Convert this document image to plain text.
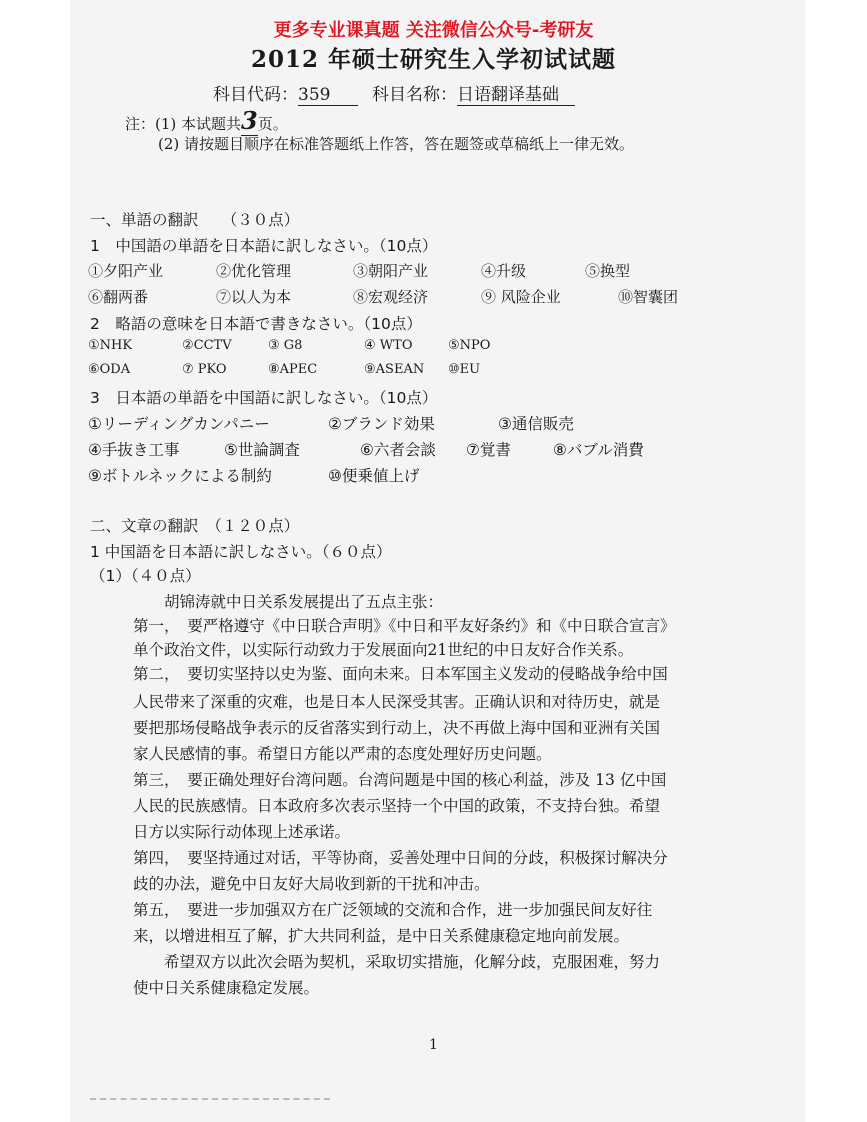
更多专业课真题 关注微信公众号-考研友
2012 年硕士研究生入学初试试题
科目代码：359 科目名称：日语翻译基础
注：(1) 本试题共3页。
(2) 请按题目顺序在标准答题纸上作答，答在题签或草稿纸上一律无效。
一、単語の翻訳　　（３０点）
1　中国語の単語を日本語に訳しなさい。（10点）
①夕阳产业	②优化管理	③朝阳产业	④升级	⑤换型
⑥翻两番	⑦以人为本	⑧宏观经济	⑨ 风险企业	⑩智囊团
2　略語の意味を日本語で書きなさい。（10点）
①NHK	②CCTV	③ G8	④ WTO	⑤NPO
⑥ODA	⑦ PKO	⑧APEC	⑨ASEAN ⑩EU
3　日本語の単語を中国語に訳しなさい。（10点）
①リーディングカンパニー	②ブランド効果	③通信販売
④手抜き工事	⑤世論調査	⑥六者会談 ⑦覚書	⑧バブル消費
⑨ボトルネックによる制約	⑩便乗値上げ
二、文章の翻訳　（１２０点）
1 中国語を日本語に訳しなさい。（６０点）
（1）（４０点）
　　胡锦涛就中日关系发展提出了五点主张：
第一，　要严格遵守《中日联合声明》《中日和平友好条约》和《中日联合宣言》
单个政治文件，以实际行动致力于发展面向21世纪的中日友好合作关系。
第二，　要切实坚持以史为鉴、面向未来。日本军国主义发动的侵略战争给中国
人民带来了深重的灾难，也是日本人民深受其害。正确认识和对待历史，就是
要把那场侵略战争表示的反省落实到行动上，决不再做上海中国和亚洲有关国
家人民感情的事。希望日方能以严肃的态度处理好历史问题。
第三，　要正确处理好台湾问题。台湾问题是中国的核心利益，涉及 13 亿中国
人民的民族感情。日本政府多次表示坚持一个中国的政策，不支持台独。希望
日方以实际行动体现上述承诺。
第四，　要坚持通过对话，平等协商，妥善处理中日间的分歧，积极探讨解决分
歧的办法，避免中日友好大局收到新的干扰和冲击。
第五，　要进一步加强双方在广泛领域的交流和合作，进一步加强民间友好往
来，以增进相互了解，扩大共同利益，是中日关系健康稳定地向前发展。
　　希望双方以此次会晤为契机，采取切实措施，化解分歧，克服困难，努力
使中日关系健康稳定发展。
1
